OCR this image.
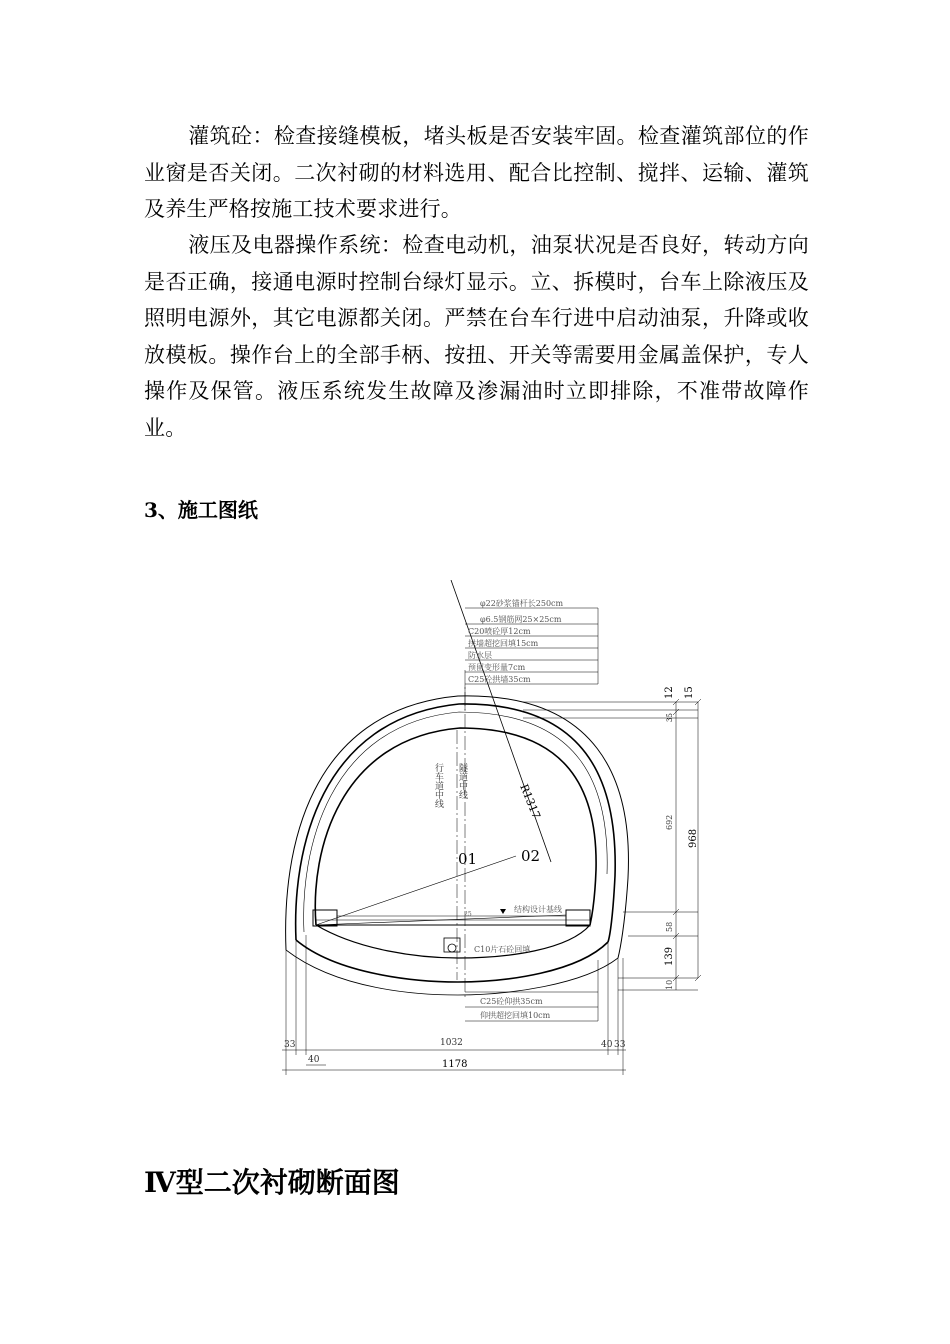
灌筑砼：检查接缝模板，堵头板是否安装牢固。检查灌筑部位的作业窗是否关闭。二次衬砌的材料选用、配合比控制、搅拌、运输、灌筑及养生严格按施工技术要求进行。

液压及电器操作系统：检查电动机，油泵状况是否良好，转动方向是否正确，接通电源时控制台绿灯显示。立、拆模时，台车上除液压及照明电源外，其它电源都关闭。严禁在台车行进中启动油泵，升降或收放模板。操作台上的全部手柄、按扭、开关等需要用金属盖保护，专人操作及保管。液压系统发生故障及渗漏油时立即排除，不准带故障作业。

3、施工图纸
φ22砂浆锚杆长250cm
φ6.5钢筋网25×25cm
C20喷砼厚12cm
拱墙超挖回填15cm
防水层
预留变形量7cm
C25砼拱墙35cm
C25砼仰拱35cm
仰拱超挖回填10cm
C10片石砼回填
结构设计基线
25
行车道中线 隧道中线
R1317
01	02
12 15
35
692
968
58
139
10
33
40
1032	40 33
1178
Ⅳ型二次衬砌断面图
